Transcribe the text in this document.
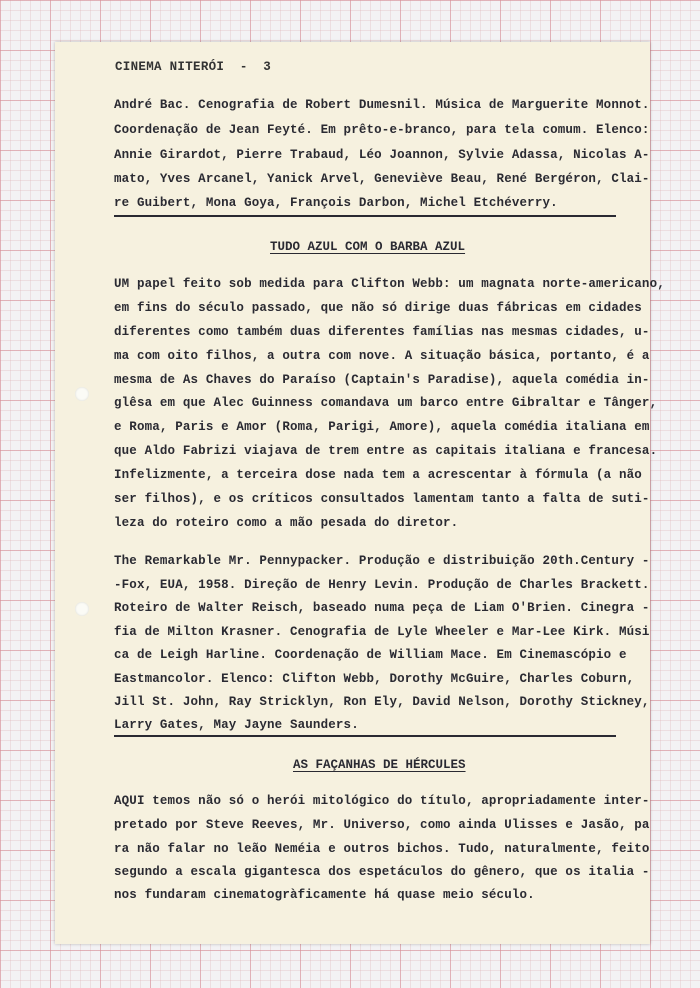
CINEMA NITERÓI  -  3
André Bac. Cenografia de Robert Dumesnil. Música de Marguerite Monnot.
Coordenação de Jean Feyté. Em prêto-e-branco, para tela comum. Elenco:
Annie Girardot, Pierre Trabaud, Léo Joannon, Sylvie Adassa, Nicolas A-
mato, Yves Arcanel, Yanick Arvel, Geneviève Beau, René Bergéron, Clai-
re Guibert, Mona Goya, François Darbon, Michel Etchéverry.
TUDO AZUL COM O BARBA AZUL
UM papel feito sob medida para Clifton Webb: um magnata norte-americano,
em fins do século passado, que não só dirige duas fábricas em cidades
diferentes como também duas diferentes famílias nas mesmas cidades, u-
ma com oito filhos, a outra com nove. A situação básica, portanto, é a
mesma de As Chaves do Paraíso (Captain's Paradise), aquela comédia in-
glêsa em que Alec Guinness comandava um barco entre Gibraltar e Tânger,
e Roma, Paris e Amor (Roma, Parigi, Amore), aquela comédia italiana em
que Aldo Fabrizi viajava de trem entre as capitais italiana e francesa.
Infelizmente, a terceira dose nada tem a acrescentar à fórmula (a não
ser filhos), e os críticos consultados lamentam tanto a falta de suti-
leza do roteiro como a mão pesada do diretor.
The Remarkable Mr. Pennypacker. Produção e distribuição 20th.Century -
-Fox, EUA, 1958. Direção de Henry Levin. Produção de Charles Brackett.
Roteiro de Walter Reisch, baseado numa peça de Liam O'Brien. Cinegra -
fia de Milton Krasner. Cenografia de Lyle Wheeler e Mar-Lee Kirk. Músi
ca de Leigh Harline. Coordenação de William Mace. Em Cinemascópio e
Eastmancolor. Elenco: Clifton Webb, Dorothy McGuire, Charles Coburn,
Jill St. John, Ray Stricklyn, Ron Ely, David Nelson, Dorothy Stickney,
Larry Gates, May Jayne Saunders.
AS FAÇANHAS DE HÉRCULES
AQUI temos não só o herói mitológico do título, apropriadamente inter-
pretado por Steve Reeves, Mr. Universo, como ainda Ulisses e Jasão, pa
ra não falar no leão Neméia e outros bichos. Tudo, naturalmente, feito
segundo a escala gigantesca dos espetáculos do gênero, que os italia -
nos fundaram cinematogràficamente há quase meio século.
